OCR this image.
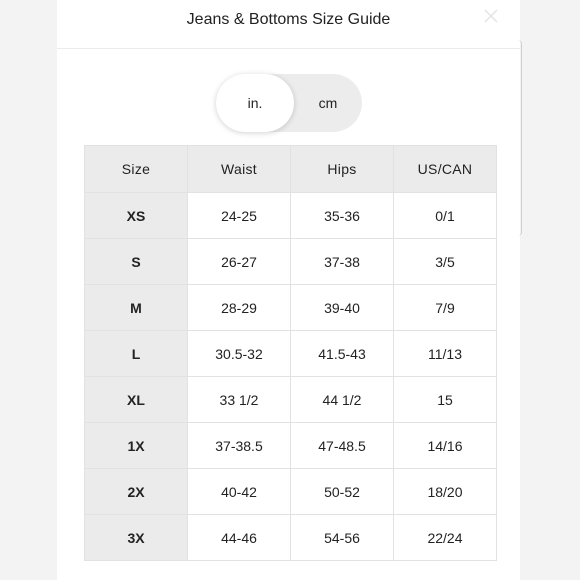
Jeans & Bottoms Size Guide
in.	cm
Size	Waist	Hips	US/CAN
XS	24-25	35-36	0/1
S	26-27	37-38	3/5
M	28-29	39-40	7/9
L	30.5-32	41.5-43	11/13
XL	33 1/2	44 1/2	15
1X	37-38.5	47-48.5	14/16
2X	40-42	50-52	18/20
3X	44-46	54-56	22/24
